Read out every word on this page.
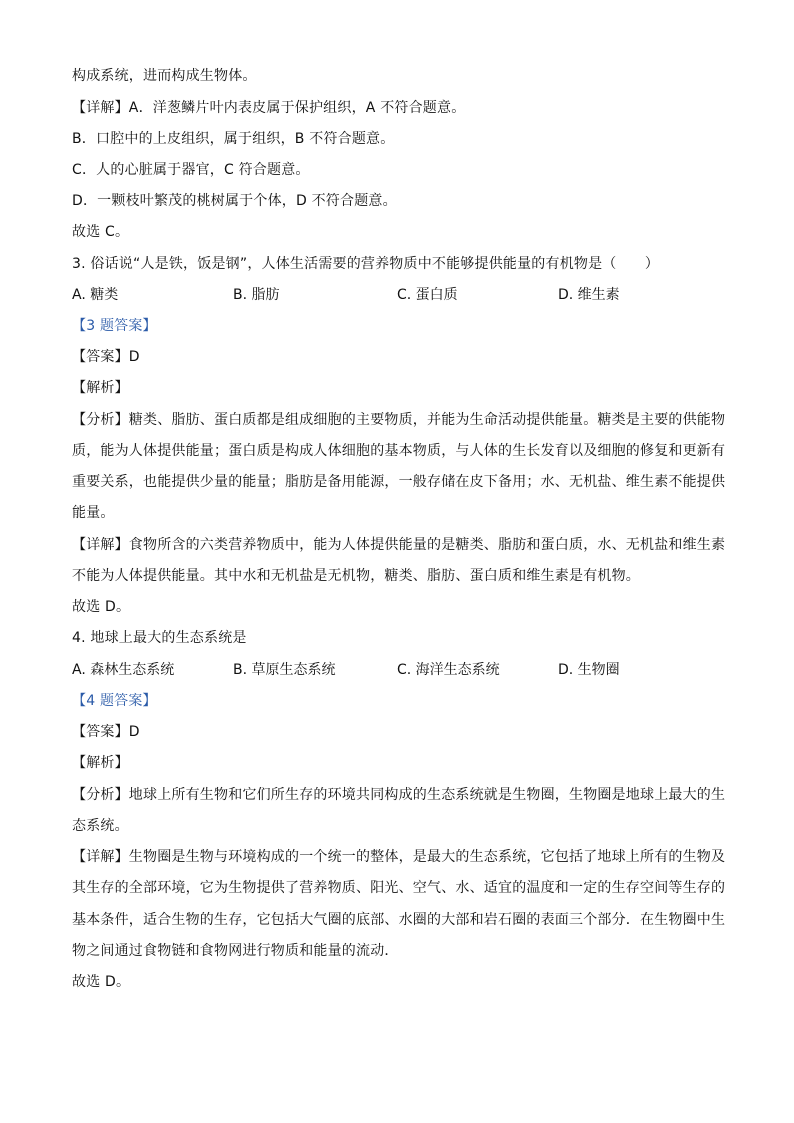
构成系统，进而构成生物体。
【详解】A．洋葱鳞片叶内表皮属于保护组织，A 不符合题意。
B．口腔中的上皮组织，属于组织，B 不符合题意。
C．人的心脏属于器官，C 符合题意。
D．一颗枝叶繁茂的桃树属于个体，D 不符合题意。
故选 C。
3. 俗话说“人是铁，饭是钢”，人体生活需要的营养物质中不能够提供能量的有机物是（　　）
A. 糖类	B. 脂肪	C. 蛋白质	D. 维生素
【3 题答案】
【答案】D
【解析】
【分析】糖类、脂肪、蛋白质都是组成细胞的主要物质，并能为生命活动提供能量。糖类是主要的供能物
质，能为人体提供能量；蛋白质是构成人体细胞的基本物质，与人体的生长发育以及细胞的修复和更新有
重要关系，也能提供少量的能量；脂肪是备用能源，一般存储在皮下备用；水、无机盐、维生素不能提供
能量。
【详解】食物所含的六类营养物质中，能为人体提供能量的是糖类、脂肪和蛋白质，水、无机盐和维生素
不能为人体提供能量。其中水和无机盐是无机物，糖类、脂肪、蛋白质和维生素是有机物。
故选 D。
4. 地球上最大的生态系统是
A. 森林生态系统	B. 草原生态系统	C. 海洋生态系统	D. 生物圈
【4 题答案】
【答案】D
【解析】
【分析】地球上所有生物和它们所生存的环境共同构成的生态系统就是生物圈，生物圈是地球上最大的生
态系统。
【详解】生物圈是生物与环境构成的一个统一的整体，是最大的生态系统，它包括了地球上所有的生物及
其生存的全部环境，它为生物提供了营养物质、阳光、空气、水、适宜的温度和一定的生存空间等生存的
基本条件，适合生物的生存，它包括大气圈的底部、水圈的大部和岩石圈的表面三个部分．在生物圈中生
物之间通过食物链和食物网进行物质和能量的流动．
故选 D。
